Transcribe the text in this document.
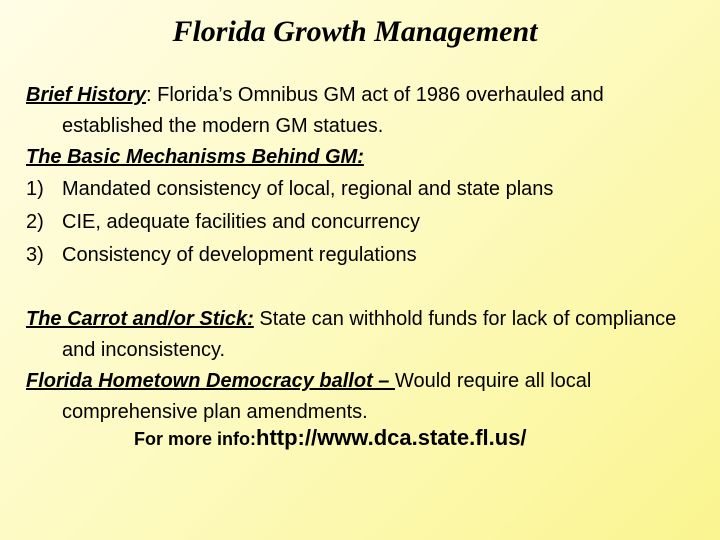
Florida Growth Management
Brief History: Florida’s Omnibus GM act of 1986 overhauled and established the modern GM statues.
The Basic Mechanisms Behind GM:
1) Mandated consistency of local, regional and state plans
2) CIE, adequate facilities and concurrency
3) Consistency of development regulations
The Carrot and/or Stick: State can withhold funds for lack of compliance and inconsistency.
Florida Hometown Democracy ballot – Would require all local comprehensive plan amendments.
For more info:http://www.dca.state.fl.us/
